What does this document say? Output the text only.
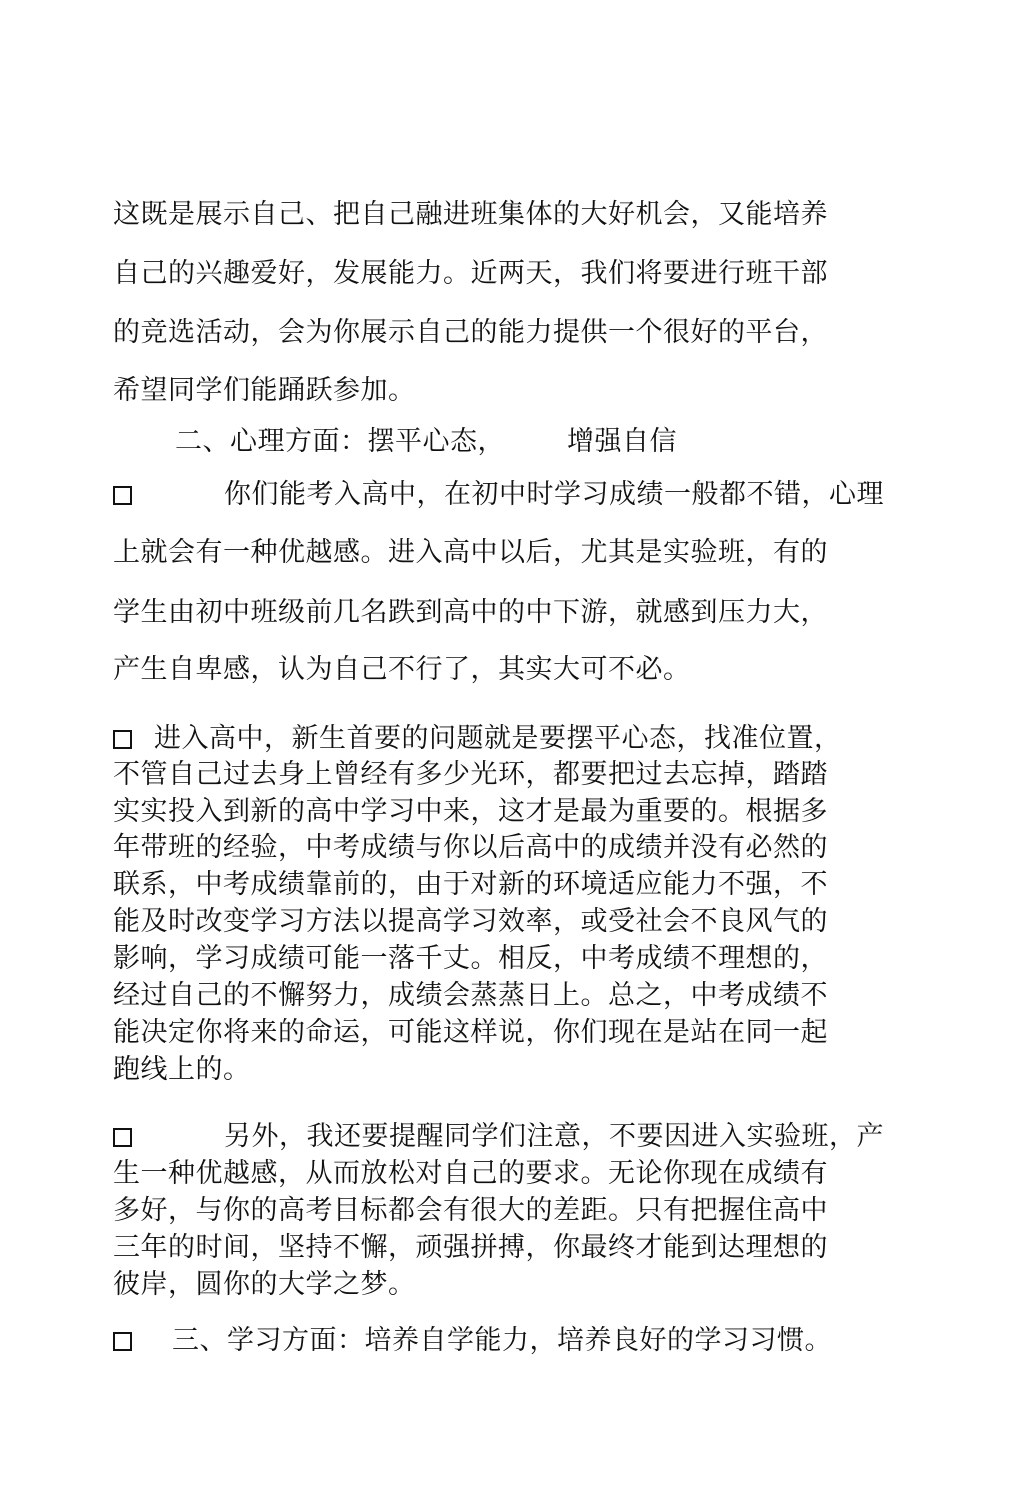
这既是展示自己、把自己融进班集体的大好机会，又能培养
自己的兴趣爱好，发展能力。近两天，我们将要进行班干部
的竞选活动，会为你展示自己的能力提供一个很好的平台，
希望同学们能踊跃参加。
二、心理方面：摆平心态， 增强自信
你们能考入高中，在初中时学习成绩一般都不错，心理
上就会有一种优越感。进入高中以后，尤其是实验班，有的
学生由初中班级前几名跌到高中的中下游，就感到压力大，
产生自卑感，认为自己不行了，其实大可不必。
进入高中，新生首要的问题就是要摆平心态，找准位置，
不管自己过去身上曾经有多少光环，都要把过去忘掉，踏踏
实实投入到新的高中学习中来，这才是最为重要的。根据多
年带班的经验，中考成绩与你以后高中的成绩并没有必然的
联系，中考成绩靠前的，由于对新的环境适应能力不强，不
能及时改变学习方法以提高学习效率，或受社会不良风气的
影响，学习成绩可能一落千丈。相反，中考成绩不理想的，
经过自己的不懈努力，成绩会蒸蒸日上。总之，中考成绩不
能决定你将来的命运，可能这样说，你们现在是站在同一起
跑线上的。
另外，我还要提醒同学们注意，不要因进入实验班，产
生一种优越感，从而放松对自己的要求。无论你现在成绩有
多好，与你的高考目标都会有很大的差距。只有把握住高中
三年的时间，坚持不懈，顽强拼搏，你最终才能到达理想的
彼岸，圆你的大学之梦。
三、学习方面：培养自学能力，培养良好的学习习惯。
